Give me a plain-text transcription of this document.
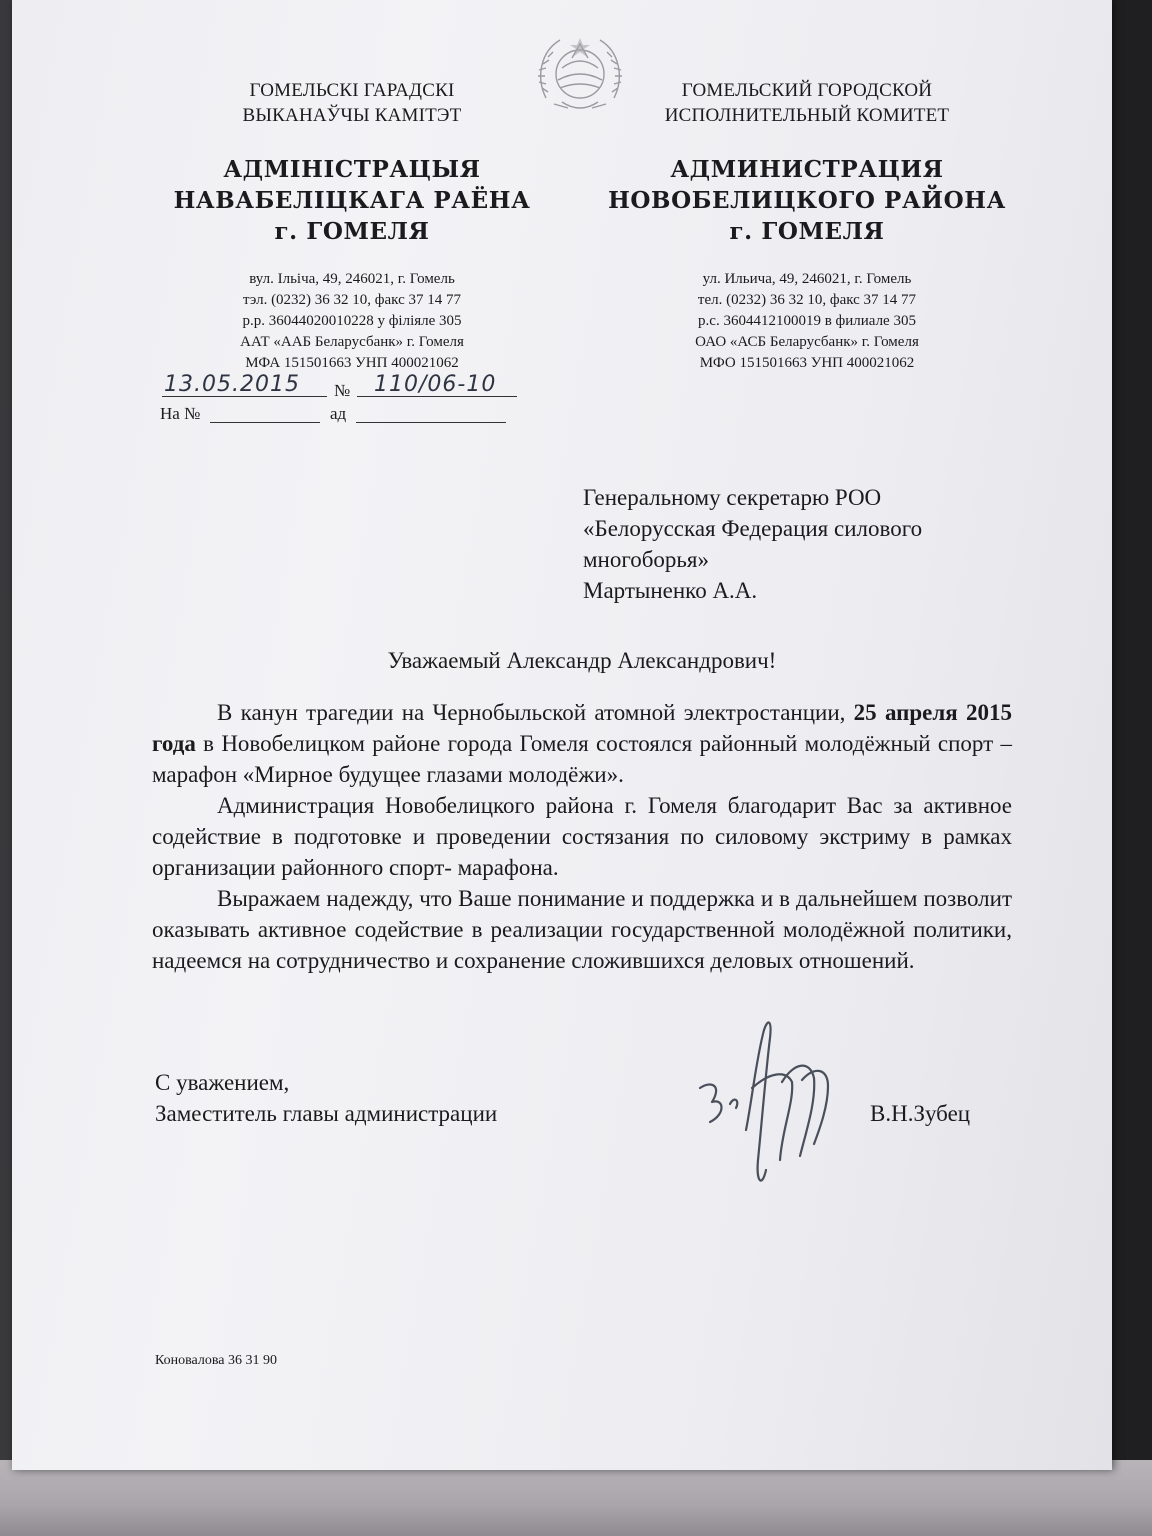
ГОМЕЛЬСКІ ГАРАДСКІ
ВЫКАНАЎЧЫ КАМІТЭТ
АДМІНІСТРАЦЫЯ
НАВАБЕЛІЦКАГА РАЁНА
г. ГОМЕЛЯ
вул. Ільіча, 49, 246021, г. Гомель
тэл. (0232) 36 32 10, факс 37 14 77
р.р. 36044020010228 у філіяле 305
ААТ «ААБ Беларусбанк» г. Гомеля
МФА 151501663 УНП 400021062
ГОМЕЛЬСКИЙ ГОРОДСКОЙ
ИСПОЛНИТЕЛЬНЫЙ КОМИТЕТ
АДМИНИСТРАЦИЯ
НОВОБЕЛИЦКОГО РАЙОНА
г. ГОМЕЛЯ
ул. Ильича, 49, 246021, г. Гомель
тел. (0232) 36 32 10, факс 37 14 77
р.с. 3604412100019 в филиале 305
ОАО «АСБ Беларусбанк» г. Гомеля
МФО 151501663 УНП 400021062
13.05.2015 № 110/06-10
На №	ад
Генеральному секретарю РОО
«Белорусская Федерация силового
многоборья»
Мартыненко А.А.
Уважаемый Александр Александрович!

В канун трагедии на Чернобыльской атомной электростанции, 25 апреля 2015 года в Новобелицком районе города Гомеля состоялся районный молодёжный спорт – марафон «Мирное будущее глазами молодёжи».

Администрация Новобелицкого района г. Гомеля благодарит Вас за активное содействие в подготовке и проведении состязания по силовому экстриму в рамках организации районного спорт- марафона.

Выражаем надежду, что Ваше понимание и поддержка и в дальнейшем позволит оказывать активное содействие в реализации государственной молодёжной политики, надеемся на сотрудничество и сохранение сложившихся деловых отношений.

С уважением,
Заместитель главы администрации	В.Н.Зубец
Коновалова 36 31 90
